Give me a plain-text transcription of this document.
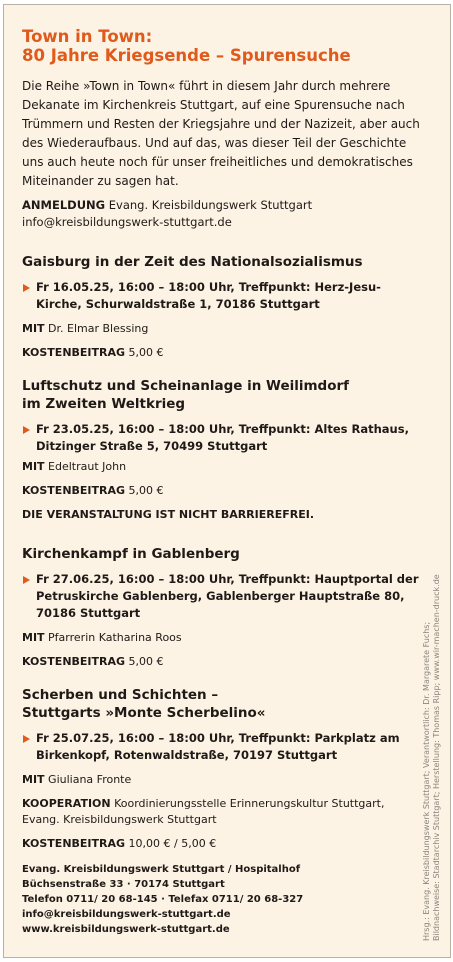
Town in Town:
80 Jahre Kriegsende – Spurensuche

Die Reihe »Town in Town« führt in diesem Jahr durch mehrere Dekanate im Kirchenkreis Stuttgart, auf eine Spurensuche nach Trümmern und Resten der Kriegsjahre und der Nazizeit, aber auch des Wiederaufbaus. Und auf das, was dieser Teil der Geschichte uns auch heute noch für unser freiheitliches und demokratisches Miteinander zu sagen hat.

ANMELDUNG Evang. Kreisbildungswerk Stuttgart
info@kreisbildungswerk-stuttgart.de
Gaisburg in der Zeit des Nationalsozialismus
Fr 16.05.25, 16:00 – 18:00 Uhr, Treffpunkt: Herz-Jesu-Kirche, Schurwaldstraße 1, 70186 Stuttgart
MIT Dr. Elmar Blessing
KOSTENBEITRAG 5,00 €
Luftschutz und Scheinanlage in Weilimdorf
im Zweiten Weltkrieg
Fr 23.05.25, 16:00 – 18:00 Uhr, Treffpunkt: Altes Rathaus, Ditzinger Straße 5, 70499 Stuttgart
MIT Edeltraut John
KOSTENBEITRAG 5,00 €
DIE VERANSTALTUNG IST NICHT BARRIEREFREI.
Kirchenkampf in Gablenberg
Fr 27.06.25, 16:00 – 18:00 Uhr, Treffpunkt: Hauptportal der Petruskirche Gablenberg, Gablenberger Hauptstraße 80, 70186 Stuttgart
MIT Pfarrerin Katharina Roos
KOSTENBEITRAG 5,00 €
Scherben und Schichten –
Stuttgarts »Monte Scherbelino«
Fr 25.07.25, 16:00 – 18:00 Uhr, Treffpunkt: Parkplatz am Birkenkopf, Rotenwaldstraße, 70197 Stuttgart
MIT Giuliana Fronte
KOOPERATION Koordinierungsstelle Erinnerungskultur Stuttgart, Evang. Kreisbildungswerk Stuttgart
KOSTENBEITRAG 10,00 € / 5,00 €
Evang. Kreisbildungswerk Stuttgart / Hospitalhof
Büchsenstraße 33 · 70174 Stuttgart
Telefon 0711/ 20 68-145 · Telefax 0711/ 20 68-327
info@kreisbildungswerk-stuttgart.de
www.kreisbildungswerk-stuttgart.de	Hrsg.: Evang. Kreisbildungswerk Stuttgart; Verantwortlich: Dr. Margarete Fuchs; Bildnachweise: Stadtarchiv Stuttgart; Herstellung: Thomas Ripp; www.wir-machen-druck.de
